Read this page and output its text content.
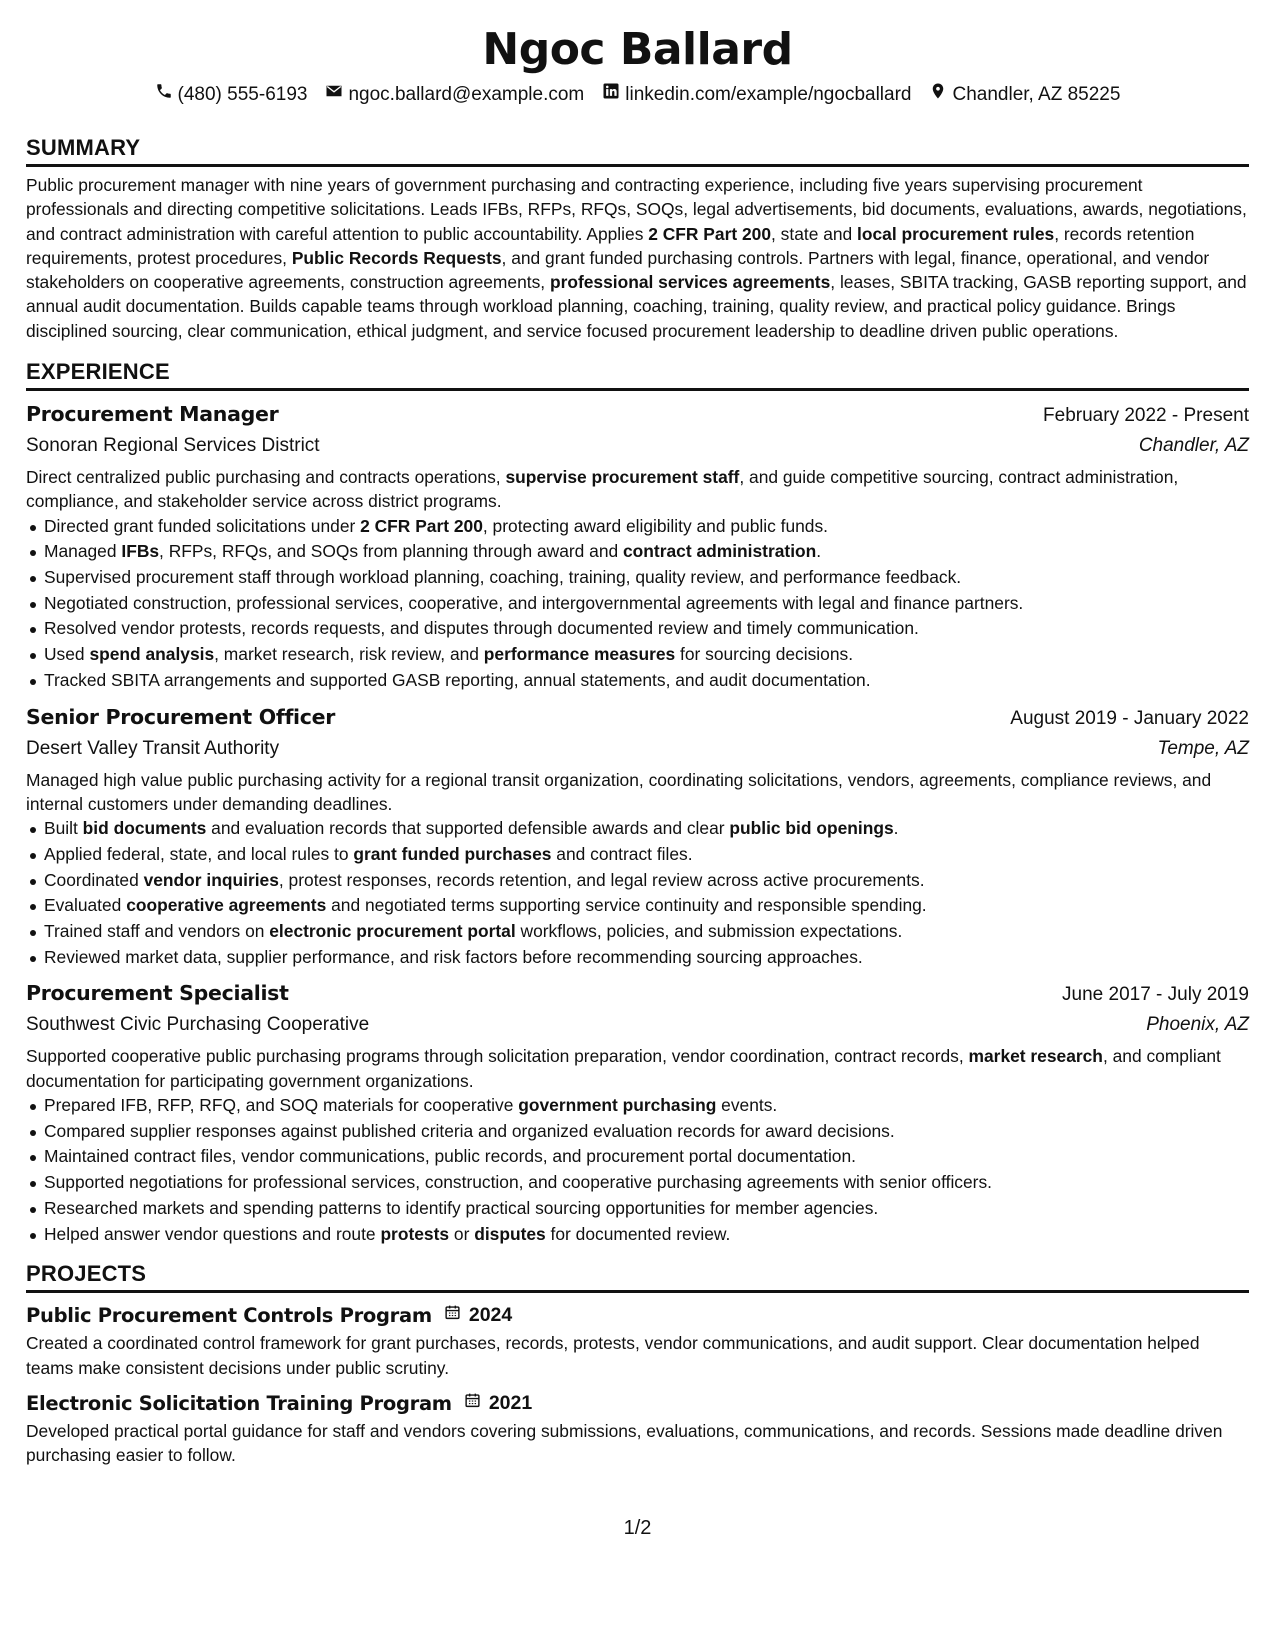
Ngoc Ballard
(480) 555-6193 ngoc.ballard@example.com linkedin.com/example/ngocballard Chandler, AZ 85225
SUMMARY
Public procurement manager with nine years of government purchasing and contracting experience, including five years supervising procurement professionals and directing competitive solicitations. Leads IFBs, RFPs, RFQs, SOQs, legal advertisements, bid documents, evaluations, awards, negotiations, and contract administration with careful attention to public accountability. Applies 2 CFR Part 200, state and local procurement rules, records retention requirements, protest procedures, Public Records Requests, and grant funded purchasing controls. Partners with legal, finance, operational, and vendor stakeholders on cooperative agreements, construction agreements, professional services agreements, leases, SBITA tracking, GASB reporting support, and annual audit documentation. Builds capable teams through workload planning, coaching, training, quality review, and practical policy guidance. Brings disciplined sourcing, clear communication, ethical judgment, and service focused procurement leadership to deadline driven public operations.
EXPERIENCE
Procurement Manager	February 2022 - Present
Sonoran Regional Services District	Chandler, AZ
Direct centralized public purchasing and contracts operations, supervise procurement staff, and guide competitive sourcing, contract administration, compliance, and stakeholder service across district programs.
Directed grant funded solicitations under 2 CFR Part 200, protecting award eligibility and public funds.
Managed IFBs, RFPs, RFQs, and SOQs from planning through award and contract administration.
Supervised procurement staff through workload planning, coaching, training, quality review, and performance feedback.
Negotiated construction, professional services, cooperative, and intergovernmental agreements with legal and finance partners.
Resolved vendor protests, records requests, and disputes through documented review and timely communication.
Used spend analysis, market research, risk review, and performance measures for sourcing decisions.
Tracked SBITA arrangements and supported GASB reporting, annual statements, and audit documentation.
Senior Procurement Officer	August 2019 - January 2022
Desert Valley Transit Authority	Tempe, AZ
Managed high value public purchasing activity for a regional transit organization, coordinating solicitations, vendors, agreements, compliance reviews, and internal customers under demanding deadlines.
Built bid documents and evaluation records that supported defensible awards and clear public bid openings.
Applied federal, state, and local rules to grant funded purchases and contract files.
Coordinated vendor inquiries, protest responses, records retention, and legal review across active procurements.
Evaluated cooperative agreements and negotiated terms supporting service continuity and responsible spending.
Trained staff and vendors on electronic procurement portal workflows, policies, and submission expectations.
Reviewed market data, supplier performance, and risk factors before recommending sourcing approaches.
Procurement Specialist	June 2017 - July 2019
Southwest Civic Purchasing Cooperative	Phoenix, AZ
Supported cooperative public purchasing programs through solicitation preparation, vendor coordination, contract records, market research, and compliant documentation for participating government organizations.
Prepared IFB, RFP, RFQ, and SOQ materials for cooperative government purchasing events.
Compared supplier responses against published criteria and organized evaluation records for award decisions.
Maintained contract files, vendor communications, public records, and procurement portal documentation.
Supported negotiations for professional services, construction, and cooperative purchasing agreements with senior officers.
Researched markets and spending patterns to identify practical sourcing opportunities for member agencies.
Helped answer vendor questions and route protests or disputes for documented review.
PROJECTS
Public Procurement Controls Program 2024
Created a coordinated control framework for grant purchases, records, protests, vendor communications, and audit support. Clear documentation helped teams make consistent decisions under public scrutiny.
Electronic Solicitation Training Program 2021
Developed practical portal guidance for staff and vendors covering submissions, evaluations, communications, and records. Sessions made deadline driven purchasing easier to follow.
1/2
